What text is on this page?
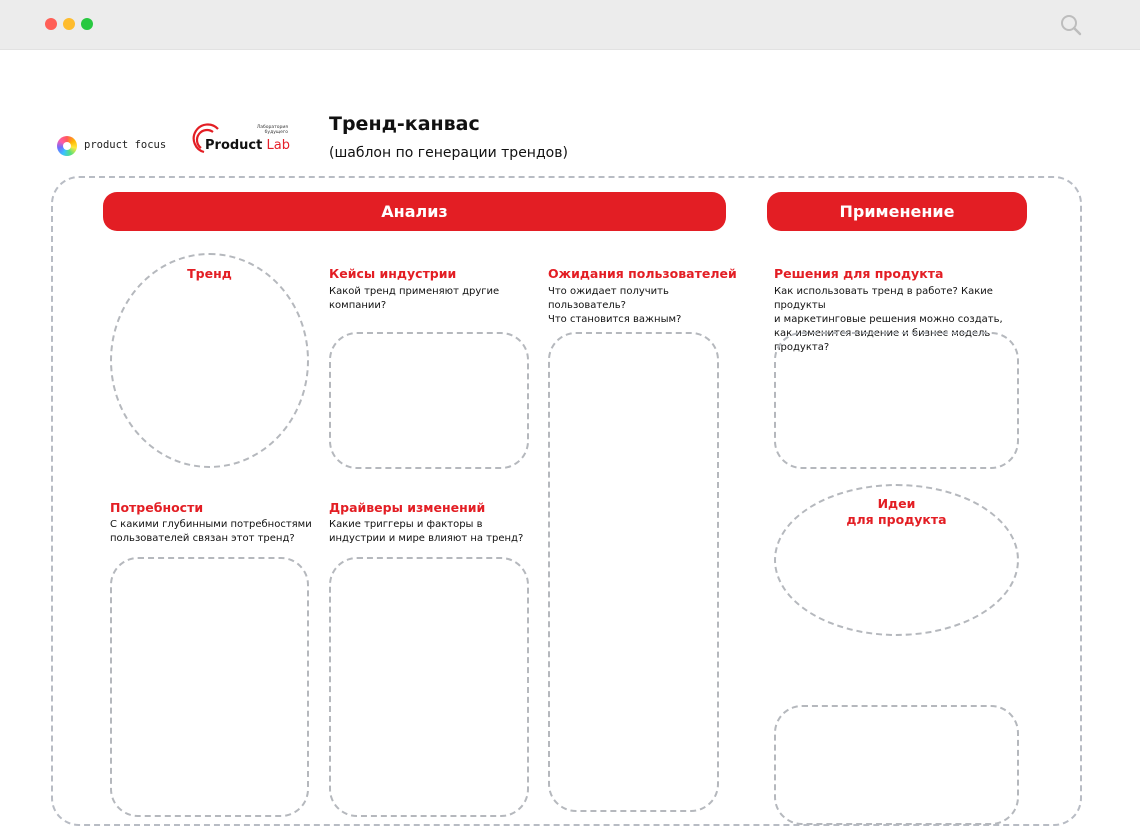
product focus
Лаборатория
будущего
Product Lab
Тренд-канвас
(шаблон по генерации трендов)
Анализ	Применение
Тренд	Кейсы индустрии
Какой тренд применяют другие
компании?
Ожидания пользователей
Что ожидает получить
пользователь?
Что становится важным?
Решения для продукта
Как использовать тренд в работе? Какие продукты
и маркетинговые решения можно создать,
как изменится видение и бизнес модель продукта?
Потребности
С какими глубинными потребностями
пользователей связан этот тренд?
Драйверы изменений
Какие триггеры и факторы в
индустрии и мире влияют на тренд?
Идеи
для продукта
